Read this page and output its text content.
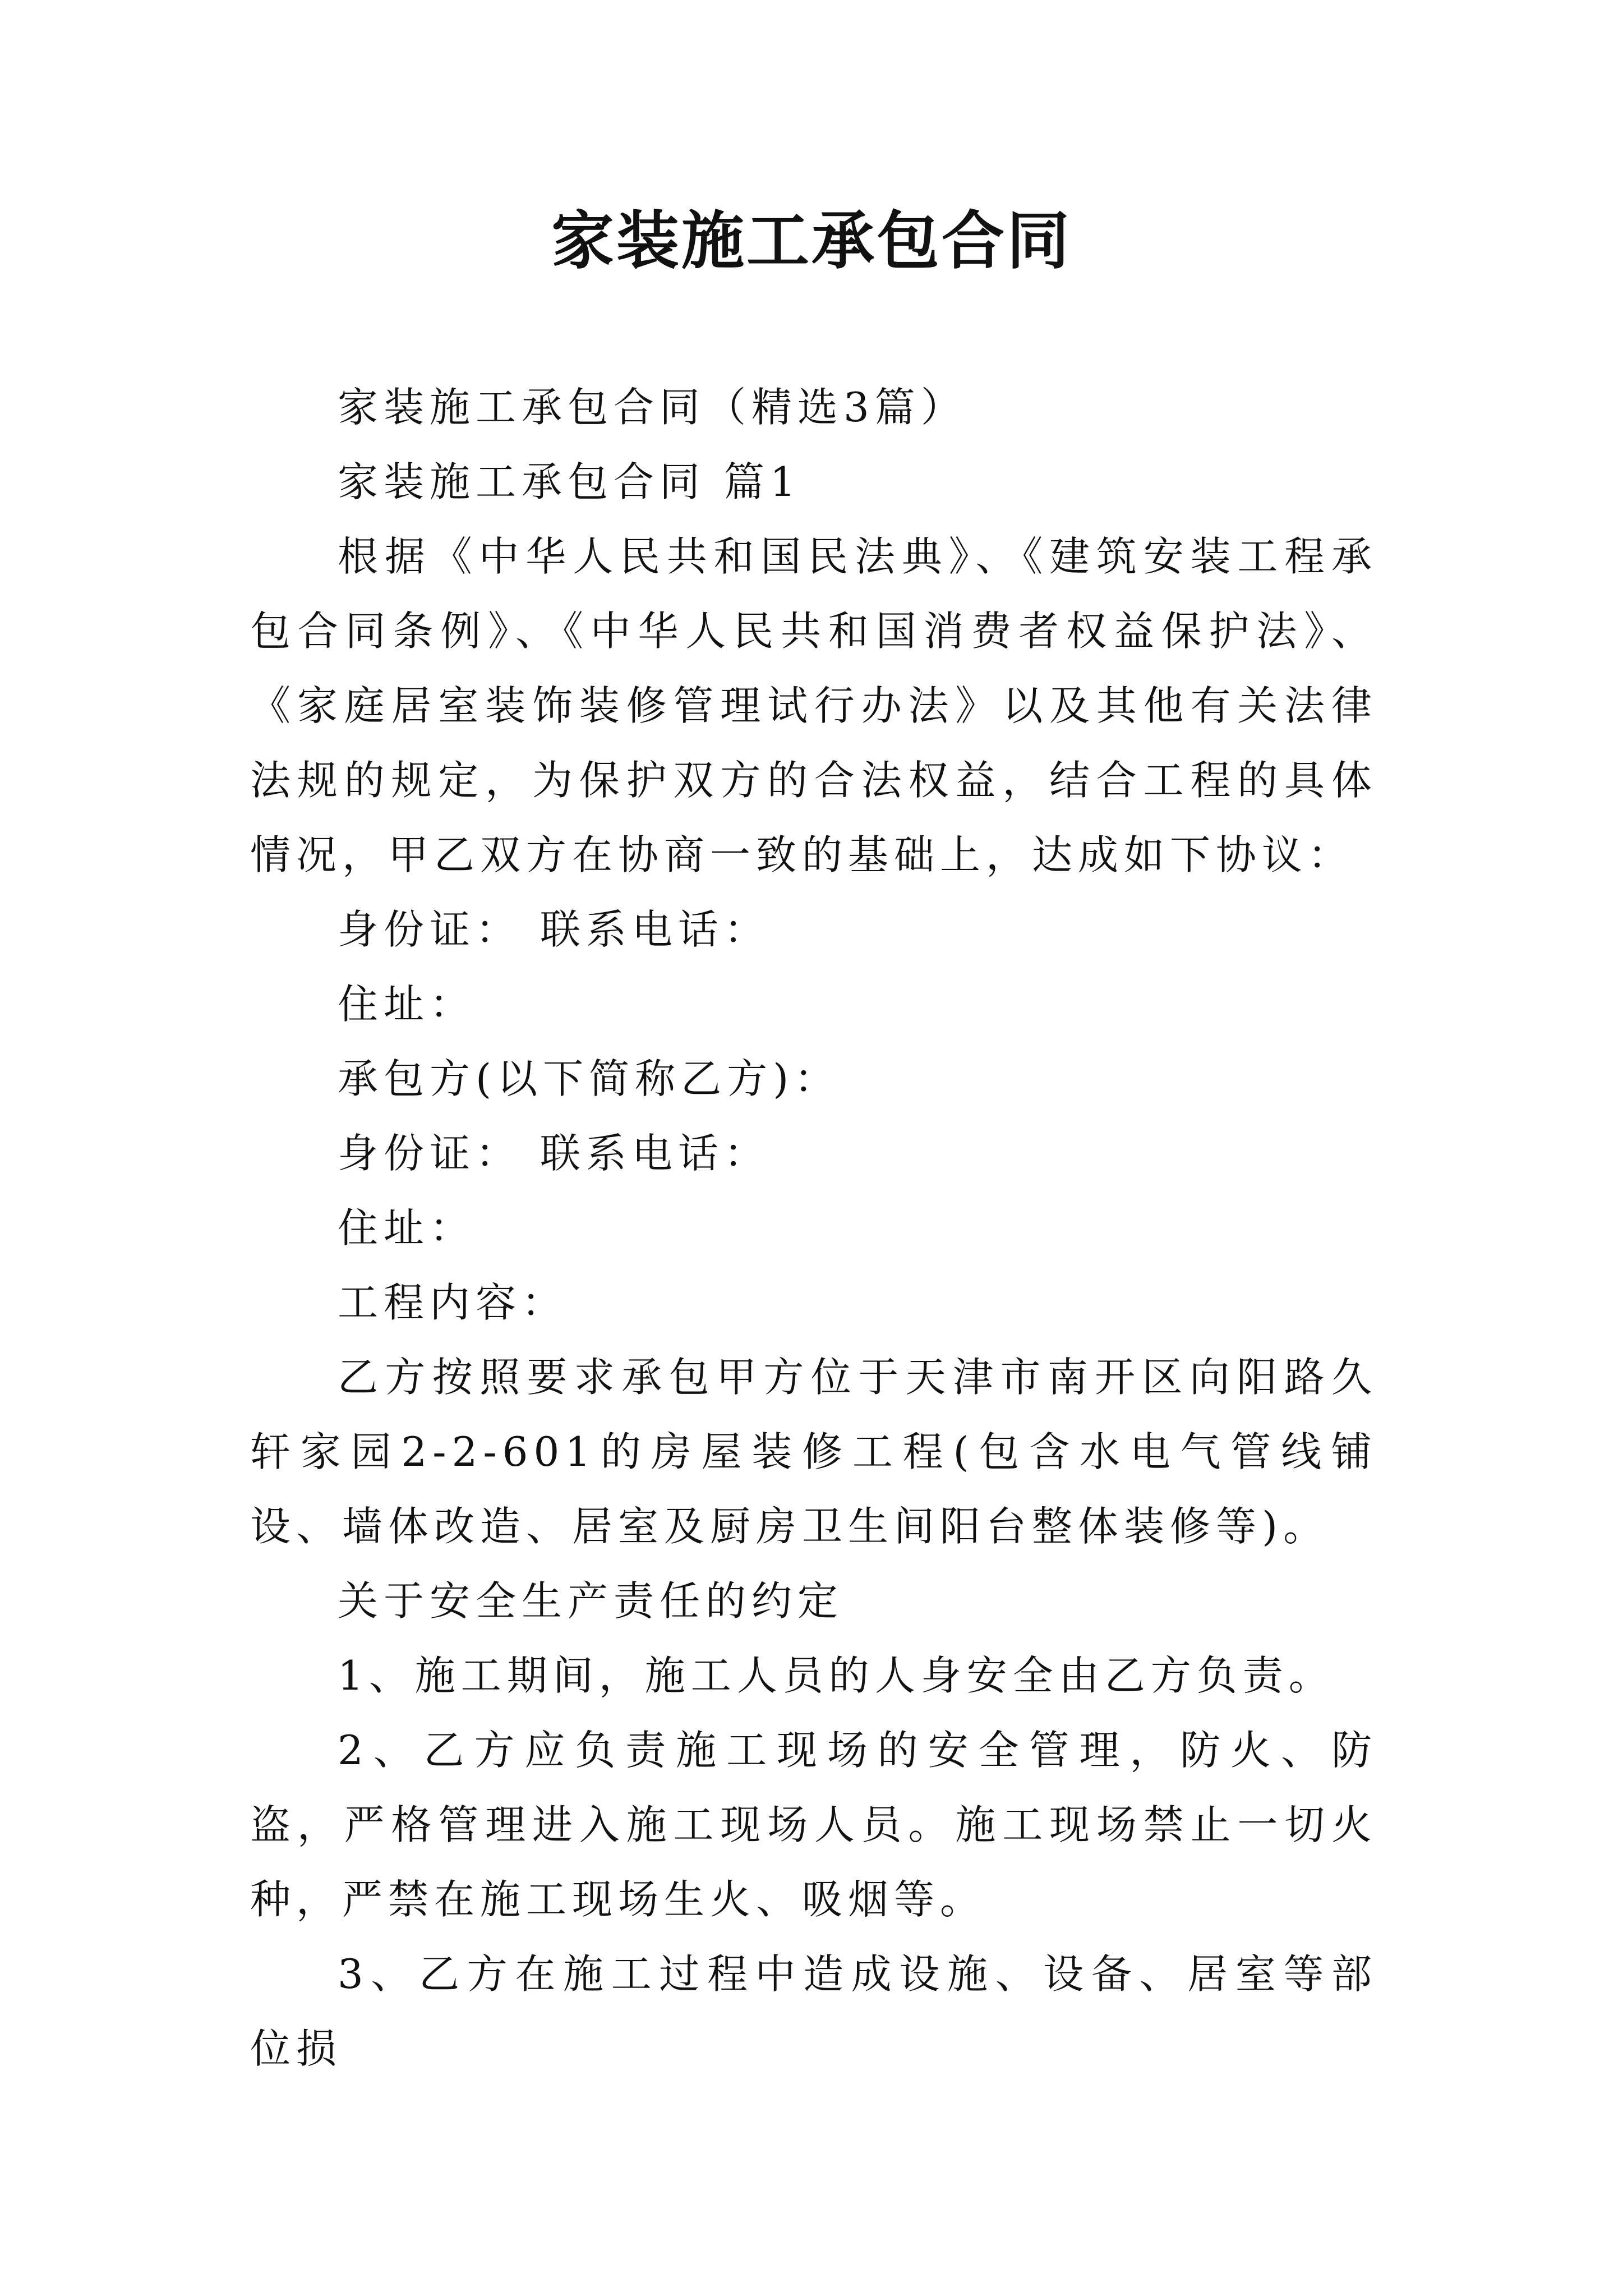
家装施工承包合同

家装施工承包合同（精选3篇）

家装施工承包合同 篇1

根据《中华人民共和国民法典》、《建筑安装工程承包合同条例》、《中华人民共和国消费者权益保护法》、《家庭居室装饰装修管理试行办法》以及其他有关法律法规的规定，为保护双方的合法权益，结合工程的具体情况，甲乙双方在协商一致的基础上，达成如下协议：

身份证： 联系电话：

住址：

承包方(以下简称乙方)：

身份证： 联系电话：

住址：

工程内容：

乙方按照要求承包甲方位于天津市南开区向阳路久轩家园2-2-601的房屋装修工程(包含水电气管线铺设、墙体改造、居室及厨房卫生间阳台整体装修等)。

关于安全生产责任的约定

1、施工期间，施工人员的人身安全由乙方负责。

2、乙方应负责施工现场的安全管理，防火、防盗，严格管理进入施工现场人员。施工现场禁止一切火种，严禁在施工现场生火、吸烟等。

3、乙方在施工过程中造成设施、设备、居室等部位损
